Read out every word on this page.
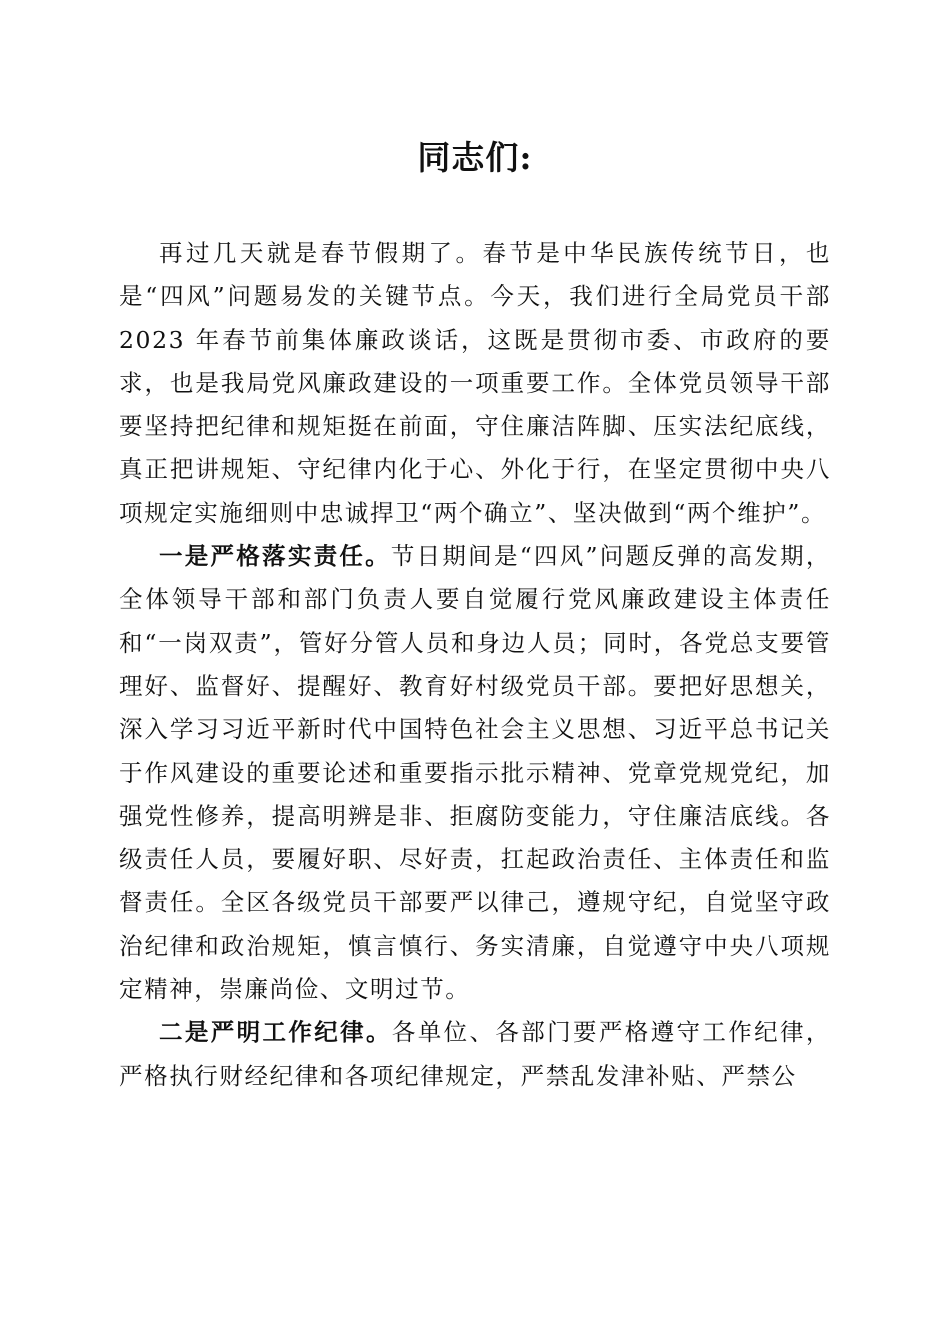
同志们:

再过几天就是春节假期了。春节是中华民族传统节日，也是“四风”问题易发的关键节点。今天，我们进行全局党员干部 2023 年春节前集体廉政谈话，这既是贯彻市委、市政府的要求，也是我局党风廉政建设的一项重要工作。全体党员领导干部要坚持把纪律和规矩挺在前面，守住廉洁阵脚、压实法纪底线，真正把讲规矩、守纪律内化于心、外化于行，在坚定贯彻中央八项规定实施细则中忠诚捍卫“两个确立”、坚决做到“两个维护”。

一是严格落实责任。节日期间是“四风”问题反弹的高发期，全体领导干部和部门负责人要自觉履行党风廉政建设主体责任和“一岗双责”，管好分管人员和身边人员；同时，各党总支要管理好、监督好、提醒好、教育好村级党员干部。要把好思想关，深入学习习近平新时代中国特色社会主义思想、习近平总书记关于作风建设的重要论述和重要指示批示精神、党章党规党纪，加强党性修养，提高明辨是非、拒腐防变能力，守住廉洁底线。各级责任人员，要履好职、尽好责，扛起政治责任、主体责任和监督责任。全区各级党员干部要严以律己，遵规守纪，自觉坚守政治纪律和政治规矩，慎言慎行、务实清廉，自觉遵守中央八项规定精神，崇廉尚俭、文明过节。

二是严明工作纪律。各单位、各部门要严格遵守工作纪律，严格执行财经纪律和各项纪律规定，严禁乱发津补贴、严禁公
